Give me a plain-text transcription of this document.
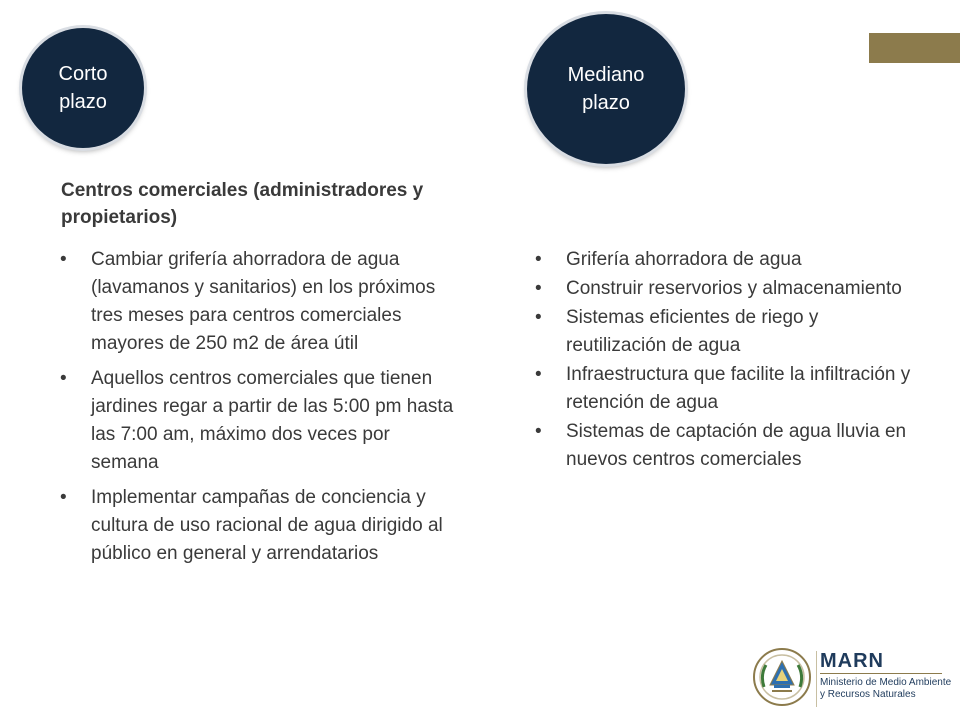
Corto
plazo
Mediano
plazo
Centros comerciales (administradores y propietarios)
• Cambiar grifería ahorradora de agua (lavamanos y sanitarios) en los próximos tres meses para centros comerciales mayores de 250 m2 de área útil
• Aquellos centros comerciales que tienen jardines regar a partir de las 5:00 pm hasta las 7:00 am, máximo dos veces por semana
• Implementar campañas de conciencia y cultura de uso racional de agua dirigido al público en general y arrendatarios
• Grifería ahorradora de agua
• Construir reservorios y almacenamiento
• Sistemas eficientes de riego y reutilización de agua
• Infraestructura que facilite la infiltración y retención de agua
• Sistemas de captación de agua lluvia en nuevos centros comerciales
MARN
Ministerio de Medio Ambiente
y Recursos Naturales
